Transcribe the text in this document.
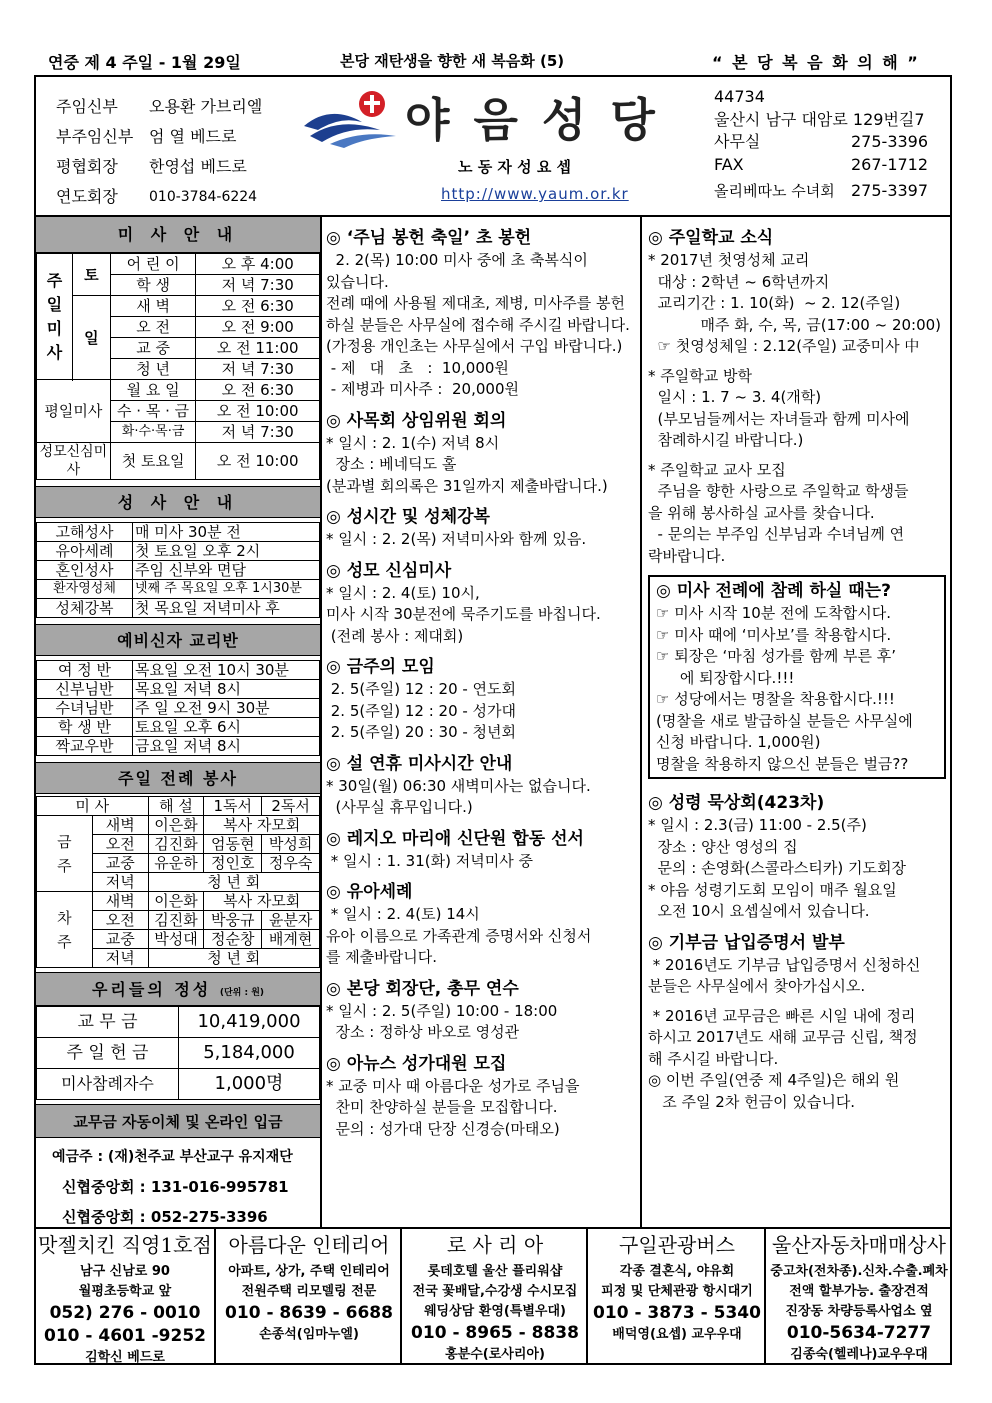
연중 제 4 주일 - 1월 29일	본당 재탄생을 향한 새 복음화 (5)	“ 본 당 복 음 화 의 해 ”
주임신부	오용환 가브리엘
부주임신부 엄 열 베드로
평협회장	한영섭 베드로
연도회장	010-3784-6224
야 음 성 당
노 동 자 성 요 셉
http://www.yaum.or.kr
44734
울산시 남구 대암로 129번길7
사무실	275-3396
FAX	267-1712
올리베따노 수녀회	275-3397
미 사 안 내
주
일
미
사	토	어 린 이	오 후 4:00
		학 생	저 녁 7:30
	일	새 벽	오 전 6:30
		오 전	오 전 9:00
		교 중	오 전 11:00
		청 년	저 녁 7:30

평일미사		월 요 일	오 전 6:30
		수 · 목 · 금	오 전 10:00
		화·수·목·금	저 녁 7:30
성모신심미사		첫 토요일	오 전 10:00
성 사 안 내
고해성사	매 미사 30분 전
유아세례	첫 토요일 오후 2시
혼인성사	주임 신부와 면담
환자영성체	넷째 주 목요일 오후 1시30분
성체강복	첫 목요일 저녁미사 후
예비신자 교리반
여 정 반	목요일 오전 10시 30분
신부님반	목요일 저녁 8시
수녀님반	주 일 오전 9시 30분
학 생 반	토요일 오후 6시
짝교우반	금요일 저녁 8시
주일 전례 봉사
미 사		해 설	1독서	2독서

금
주	새벽	이은화	복사 자모회	
	오전	김진화	엄동현	박성희
	교중	유운하	정인호	정우숙
	저녁	청 년 회		

차
주	새벽	이은화	복사 자모회	
	오전	김진화	박웅규	윤분자
	교중	박성대	정순창	배계현
	저녁	청 년 회		
우리들의 정성 (단위 : 원)
교 무 금	10,419,000
주 일 헌 금	5,184,000
미사참례자수	1,000명
교무금 자동이체 및 온라인 입금
예금주 : (재)천주교 부산교구 유지재단
신협중앙회 : 131-016-995781
신협중앙회 : 052-275-3396
◎ ‘주님 봉헌 축일’ 초 봉헌
2. 2(목) 10:00 미사 중에 초 축복식이
있습니다.
전례 때에 사용될 제대초, 제병, 미사주를 봉헌
하실 분들은 사무실에 접수해 주시길 바랍니다.
(가정용 개인초는 사무실에서 구입 바랍니다.)
- 제   대   초   :  10,000원
- 제병과 미사주 :  20,000원
◎ 사목회 상임위원 회의
* 일시 : 2. 1(수) 저녁 8시
장소 : 베네딕도 홀
(분과별 회의록은 31일까지 제출바랍니다.)
◎ 성시간 및 성체강복
* 일시 : 2. 2(목) 저녁미사와 함께 있음.
◎ 성모 신심미사
* 일시 : 2. 4(토) 10시,
미사 시작 30분전에 묵주기도를 바칩니다.
(전례 봉사 : 제대회)
◎ 금주의 모임
2. 5(주일) 12 : 20 - 연도회
2. 5(주일) 12 : 20 - 성가대
2. 5(주일) 20 : 30 - 청년회
◎ 설 연휴 미사시간 안내
* 30일(월) 06:30 새벽미사는 없습니다.
(사무실 휴무입니다.)
◎ 레지오 마리애 신단원 합동 선서
* 일시 : 1. 31(화) 저녁미사 중
◎ 유아세례
* 일시 : 2. 4(토) 14시
유아 이름으로 가족관계 증명서와 신청서
를 제출바랍니다.
◎ 본당 회장단, 총무 연수
* 일시 : 2. 5(주일) 10:00 - 18:00
장소 : 정하상 바오로 영성관
◎ 아뉴스 성가대원 모집
* 교중 미사 때 아름다운 성가로 주님을
찬미 찬양하실 분들을 모집합니다.
문의 : 성가대 단장 신경승(마태오)
◎ 주일학교 소식
* 2017년 첫영성체 교리
대상 : 2학년 ~ 6학년까지
교리기간 : 1. 10(화)  ~ 2. 12(주일)
매주 화, 수, 목, 금(17:00 ~ 20:00)
☞ 첫영성체일 : 2.12(주일) 교중미사 中
* 주일학교 방학
일시 : 1. 7 ~ 3. 4(개학)
(부모님들께서는 자녀들과 함께 미사에
참례하시길 바랍니다.)
* 주일학교 교사 모집
주님을 향한 사랑으로 주일학교 학생들
을 위해 봉사하실 교사를 찾습니다.
- 문의는 부주임 신부님과 수녀님께 연
락바랍니다.
◎ 미사 전례에 참례 하실 때는?
☞ 미사 시작 10분 전에 도착합시다.
☞ 미사 때에 ‘미사보’를 착용합시다.
☞ 퇴장은 ‘마침 성가를 함께 부른 후’
에 퇴장합시다.!!!
☞ 성당에서는 명찰을 착용합시다.!!!
(명찰을 새로 발급하실 분들은 사무실에
신청 바랍니다. 1,000원)
명찰을 착용하지 않으신 분들은 벌금??
◎ 성령 묵상회(423차)
* 일시 : 2.3(금) 11:00 - 2.5(주)
장소 : 양산 영성의 집
문의 : 손영화(스콜라스티카) 기도회장
* 야음 성령기도회 모임이 매주 월요일
오전 10시 요셉실에서 있습니다.
◎ 기부금 납입증명서 발부
* 2016년도 기부금 납입증명서 신청하신
분들은 사무실에서 찾아가십시오.
* 2016년 교무금은 빠른 시일 내에 정리
하시고 2017년도 새해 교무금 신립, 책정
해 주시길 바랍니다.
◎ 이번 주일(연중 제 4주일)은 해외 원
조 주일 2차 헌금이 있습니다.
맛젤치킨 직영1호점
남구 신남로 90
월평초등학교 앞
052) 276 - 0010
010 - 4601 -9252
김학신 베드로
아름다운 인테리어
아파트, 상가, 주택 인테리어
전원주택 리모델링 전문
010 - 8639 - 6688
손종석(임마누엘)
로 사 리 아
롯데호텔 울산 플리워샵
전국 꽃배달,수강생 수시모집
웨딩상담 환영(특별우대)
010 - 8965 - 8838
홍분수(로사리아)
구일관광버스
각종 결혼식, 야유회
피정 및 단체관광 항시대기
010 - 3873 - 5340
배덕영(요셉) 교우우대
울산자동차매매상사
중고차(전차종).신차.수출.폐차
전액 할부가능. 출장견적
진장동 차량등록사업소 옆
010-5634-7277
김종숙(헬레나)교우우대
